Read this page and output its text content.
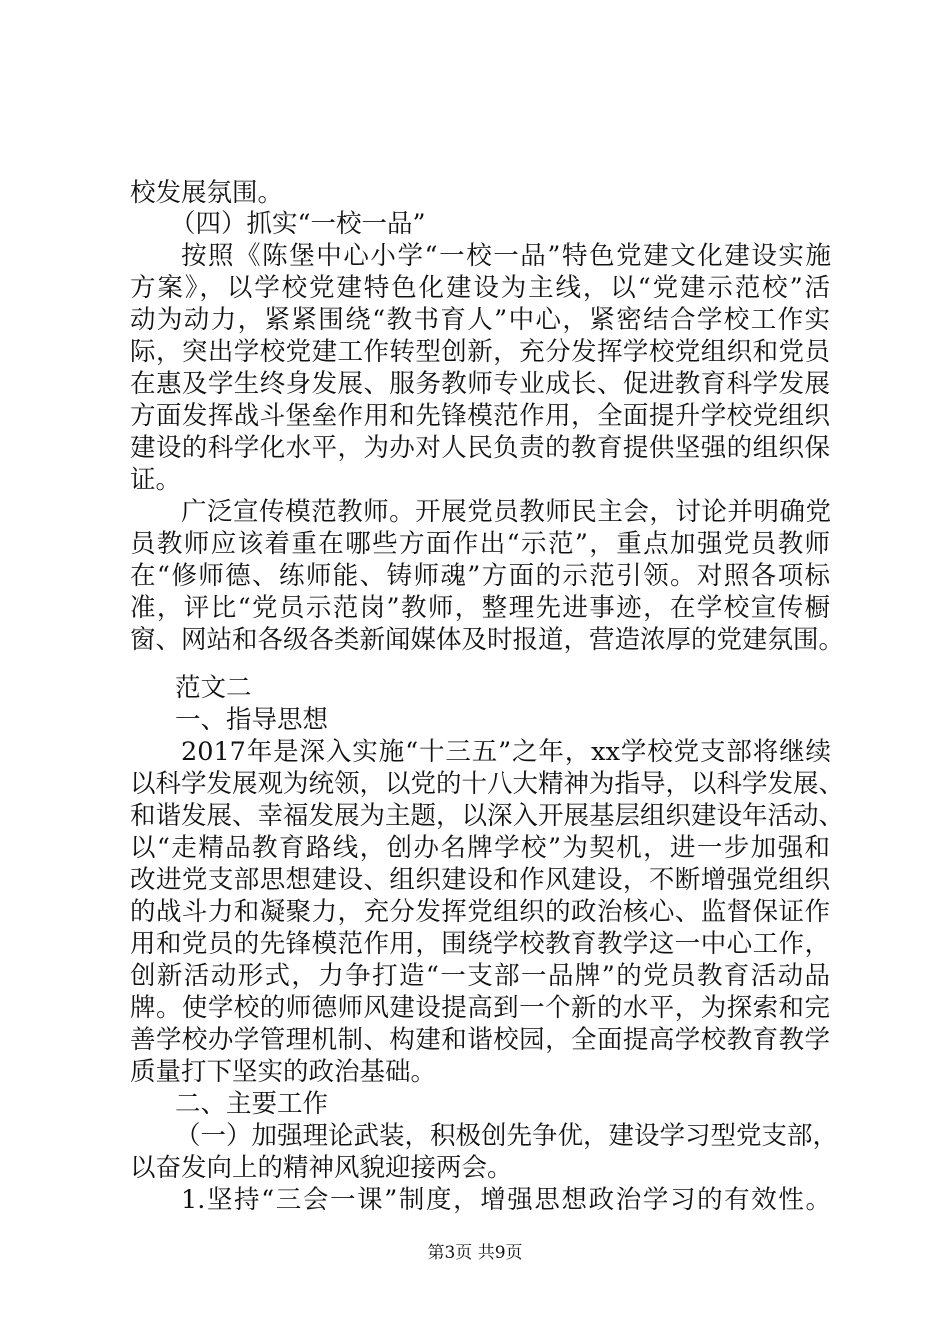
校发展氛围。
（四）抓实“一校一品”
按照《陈堡中心小学“一校一品”特色党建文化建设实施
方案》，以学校党建特色化建设为主线，以“党建示范校”活
动为动力，紧紧围绕“教书育人”中心，紧密结合学校工作实
际，突出学校党建工作转型创新，充分发挥学校党组织和党员
在惠及学生终身发展、服务教师专业成长、促进教育科学发展
方面发挥战斗堡垒作用和先锋模范作用，全面提升学校党组织
建设的科学化水平，为办对人民负责的教育提供坚强的组织保
证。
广泛宣传模范教师。开展党员教师民主会，讨论并明确党
员教师应该着重在哪些方面作出“示范”，重点加强党员教师
在“修师德、练师能、铸师魂”方面的示范引领。对照各项标
准，评比“党员示范岗”教师，整理先进事迹，在学校宣传橱
窗、网站和各级各类新闻媒体及时报道，营造浓厚的党建氛围。
范文二
一、指导思想
2017年是深入实施“十三五”之年，xx学校党支部将继续
以科学发展观为统领，以党的十八大精神为指导，以科学发展、
和谐发展、幸福发展为主题，以深入开展基层组织建设年活动、
以“走精品教育路线，创办名牌学校”为契机，进一步加强和
改进党支部思想建设、组织建设和作风建设，不断增强党组织
的战斗力和凝聚力，充分发挥党组织的政治核心、监督保证作
用和党员的先锋模范作用，围绕学校教育教学这一中心工作，
创新活动形式，力争打造“一支部一品牌”的党员教育活动品
牌。使学校的师德师风建设提高到一个新的水平，为探索和完
善学校办学管理机制、构建和谐校园，全面提高学校教育教学
质量打下坚实的政治基础。
二、主要工作
（一）加强理论武装，积极创先争优，建设学习型党支部，
以奋发向上的精神风貌迎接两会。
1.坚持“三会一课”制度，增强思想政治学习的有效性。
第3页 共9页
